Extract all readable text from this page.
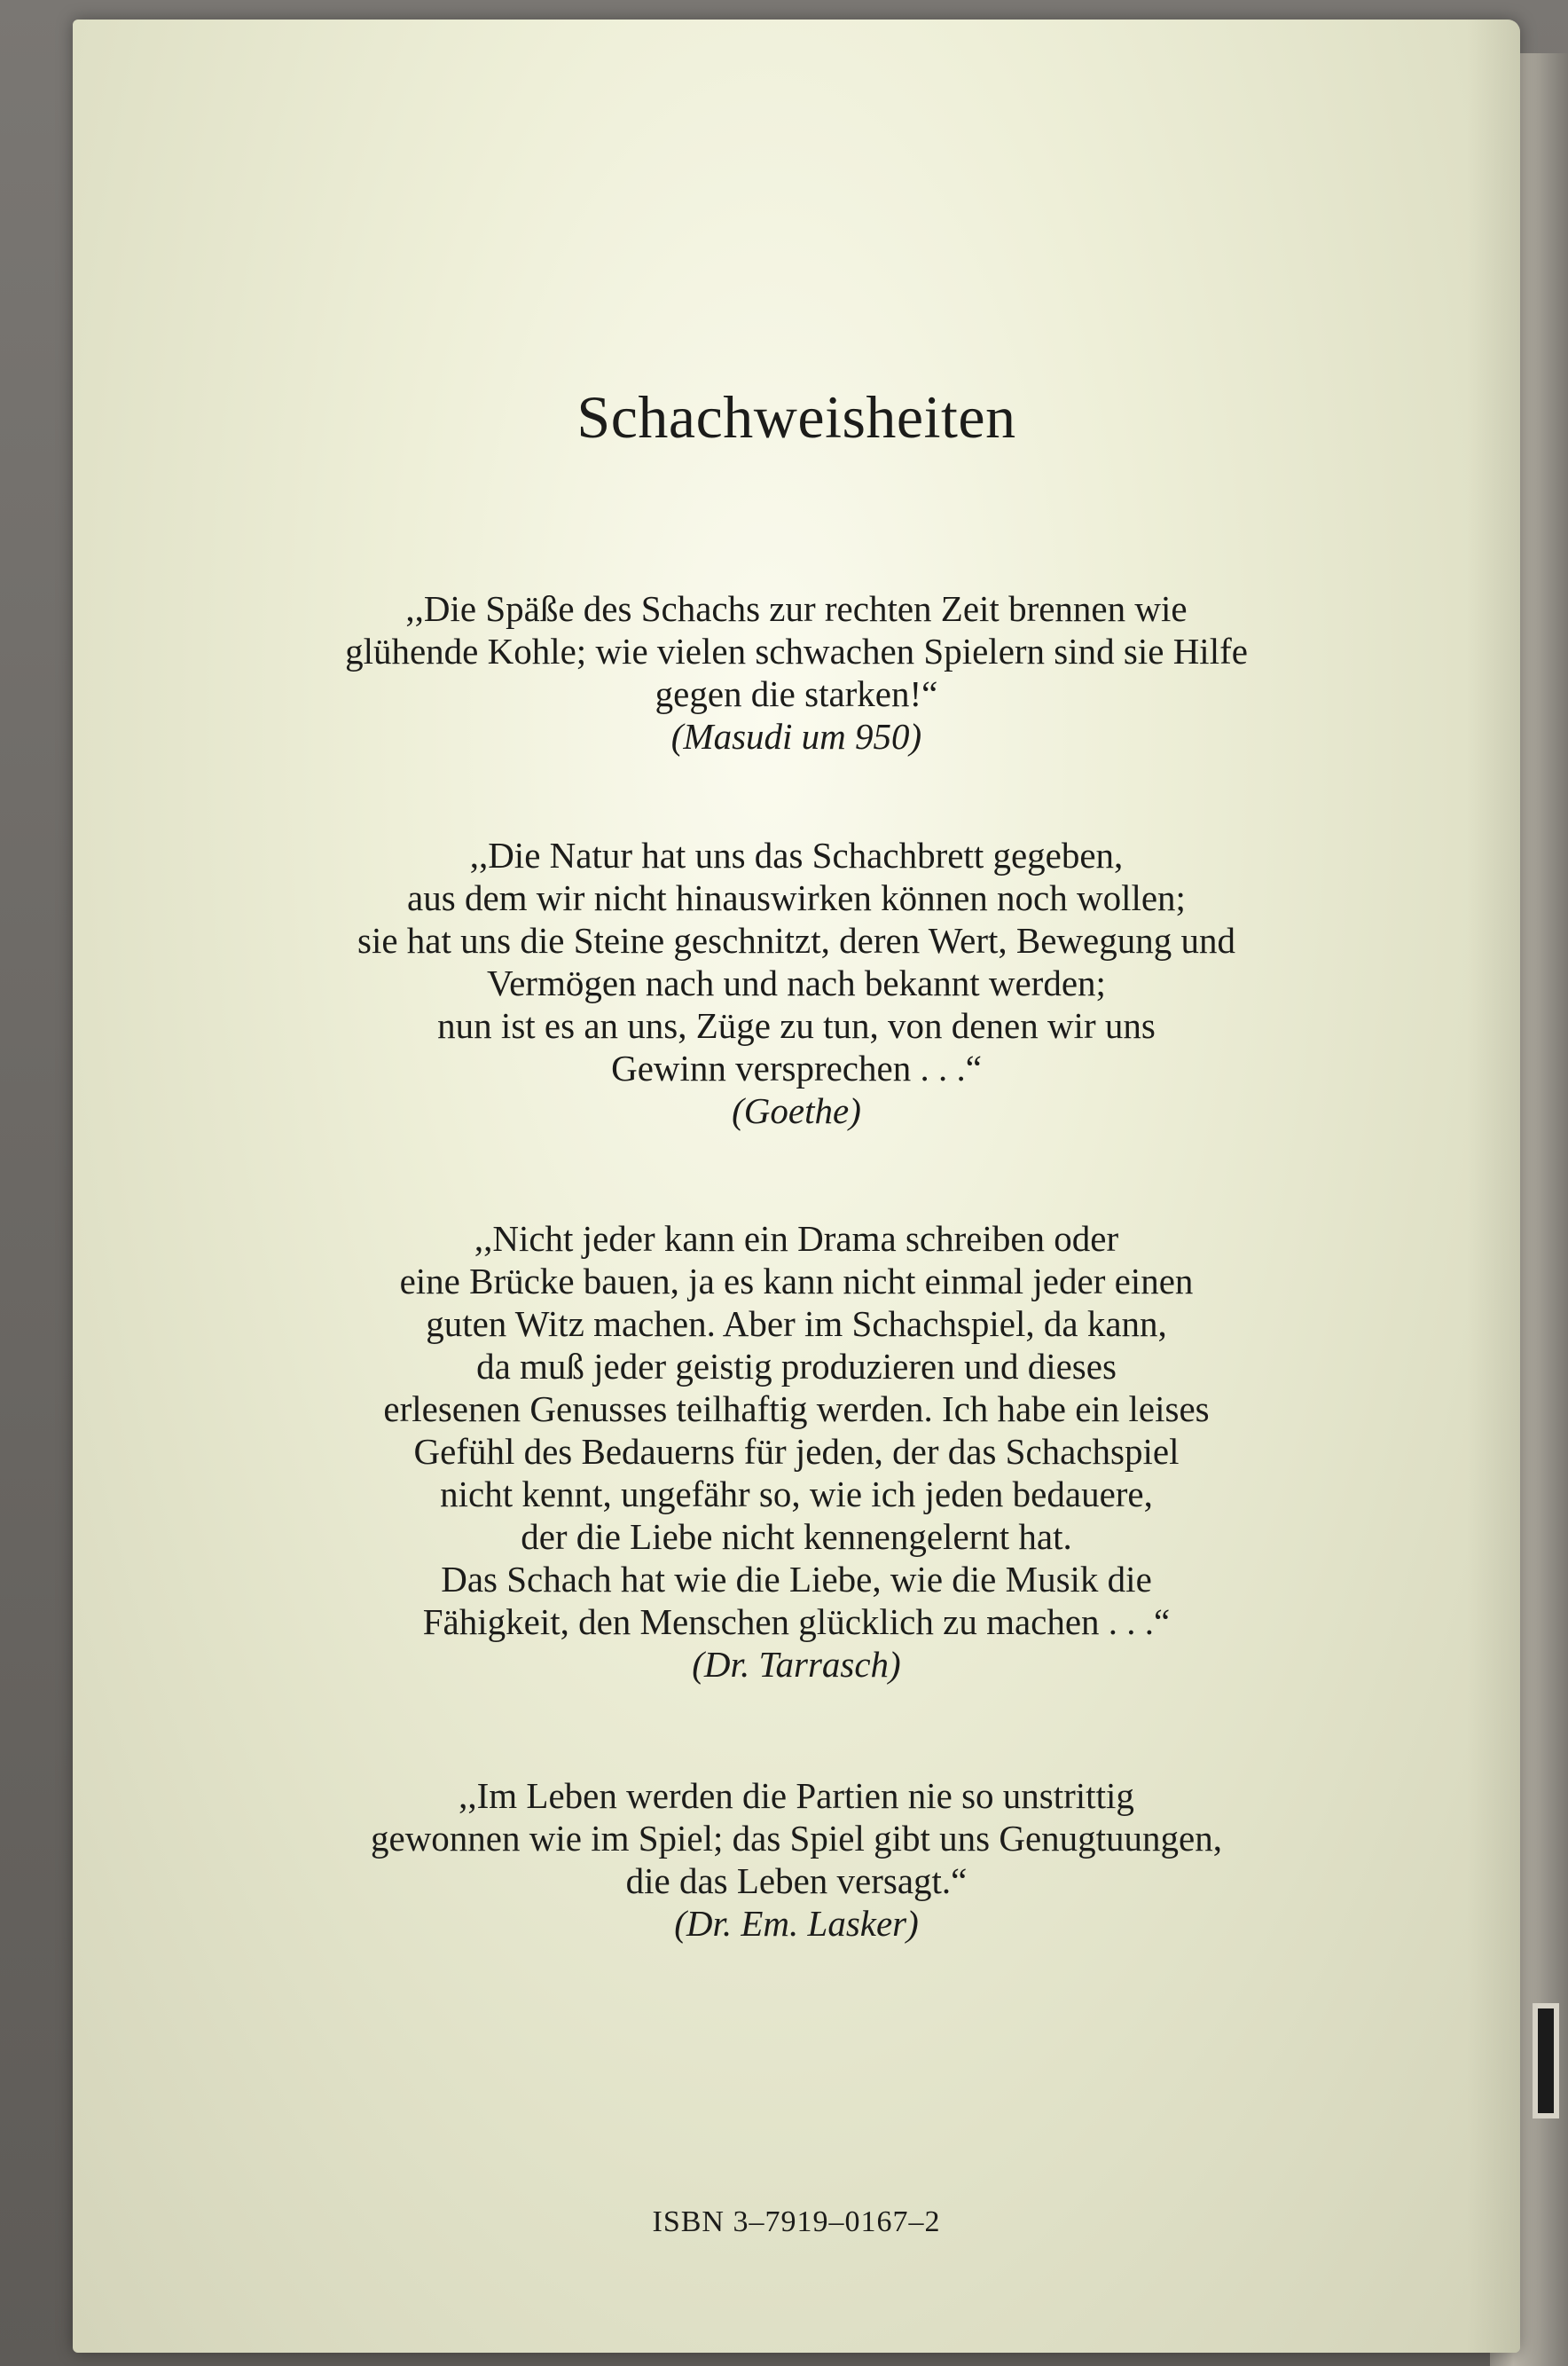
Schachweisheiten
,,Die Späße des Schachs zur rechten Zeit brennen wie
glühende Kohle; wie vielen schwachen Spielern sind sie Hilfe
gegen die starken!“
(Masudi um 950)
,,Die Natur hat uns das Schachbrett gegeben,
aus dem wir nicht hinauswirken können noch wollen;
sie hat uns die Steine geschnitzt, deren Wert, Bewegung und
Vermögen nach und nach bekannt werden;
nun ist es an uns, Züge zu tun, von denen wir uns
Gewinn versprechen . . .“
(Goethe)
,,Nicht jeder kann ein Drama schreiben oder
eine Brücke bauen, ja es kann nicht einmal jeder einen
guten Witz machen. Aber im Schachspiel, da kann,
da muß jeder geistig produzieren und dieses
erlesenen Genusses teilhaftig werden. Ich habe ein leises
Gefühl des Bedauerns für jeden, der das Schachspiel
nicht kennt, ungefähr so, wie ich jeden bedauere,
der die Liebe nicht kennengelernt hat.
Das Schach hat wie die Liebe, wie die Musik die
Fähigkeit, den Menschen glücklich zu machen . . .“
(Dr. Tarrasch)
,,Im Leben werden die Partien nie so unstrittig
gewonnen wie im Spiel; das Spiel gibt uns Genugtuungen,
die das Leben versagt.“
(Dr. Em. Lasker)
ISBN 3–7919–0167–2
